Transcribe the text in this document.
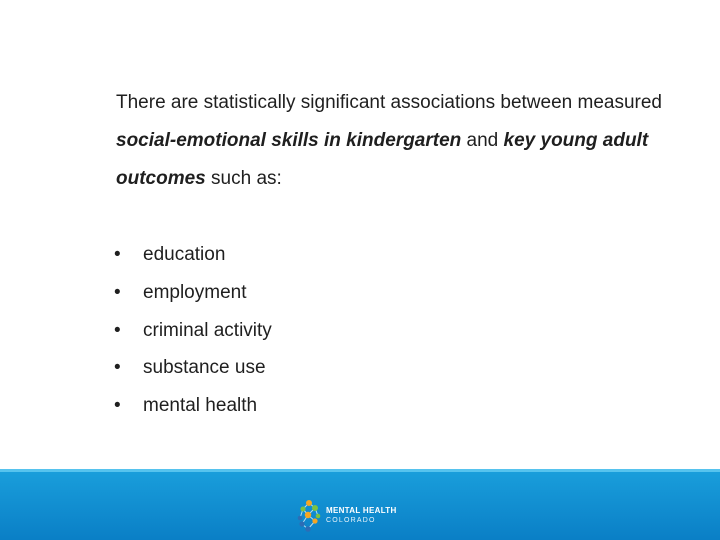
There are statistically significant associations between measured social-emotional skills in kindergarten and key young adult outcomes such as:

•	education
•	employment
•	criminal activity
•	substance use
•	mental health
MENTAL HEALTH
COLORADO
